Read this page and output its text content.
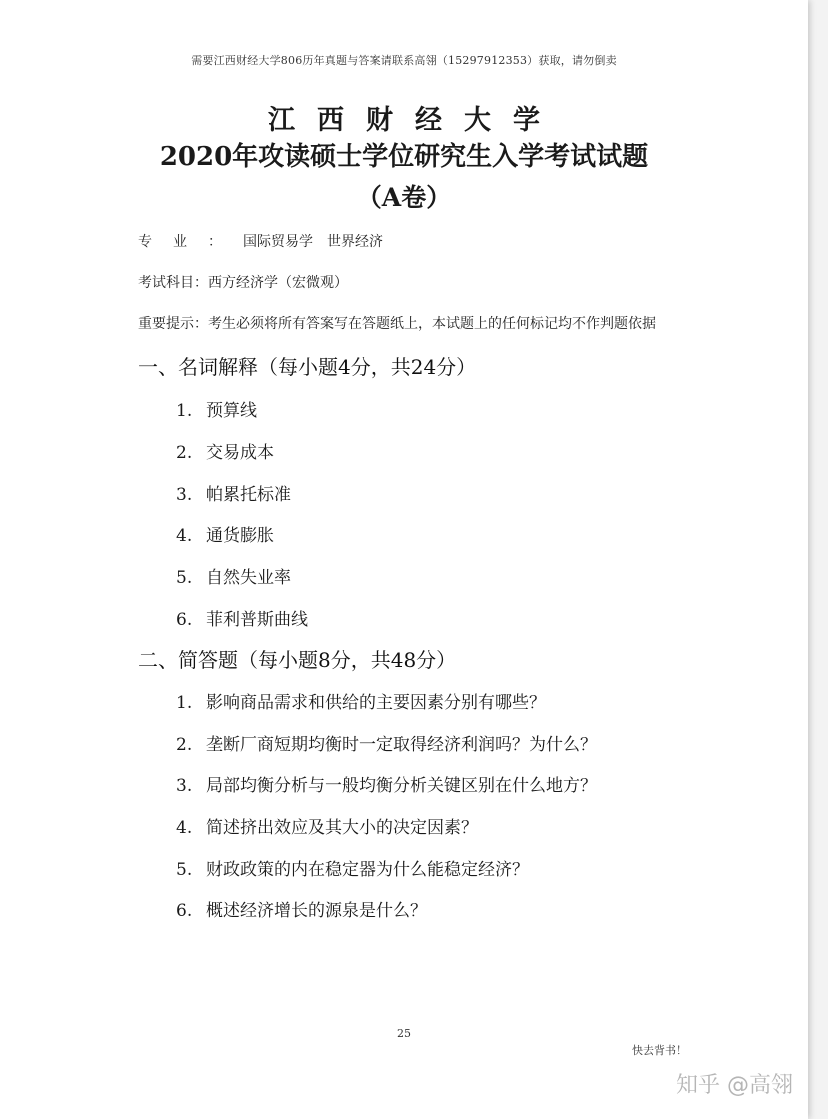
需要江西财经大学806历年真题与答案请联系高翎（15297912353）获取，请勿倒卖
江西财经大学
2020年攻读硕士学位研究生入学考试试题
（A卷）
专业：国际贸易学　世界经济
考试科目：西方经济学（宏微观）
重要提示：考生必须将所有答案写在答题纸上，本试题上的任何标记均不作判题依据
一、名词解释（每小题4分，共24分）
1. 预算线
2. 交易成本
3. 帕累托标准
4. 通货膨胀
5. 自然失业率
6. 菲利普斯曲线
二、简答题（每小题8分，共48分）
1. 影响商品需求和供给的主要因素分别有哪些？
2. 垄断厂商短期均衡时一定取得经济利润吗？为什么？
3. 局部均衡分析与一般均衡分析关键区别在什么地方？
4. 简述挤出效应及其大小的决定因素？
5. 财政政策的内在稳定器为什么能稳定经济？
6. 概述经济增长的源泉是什么？
25
快去背书！
知乎 @高翎
